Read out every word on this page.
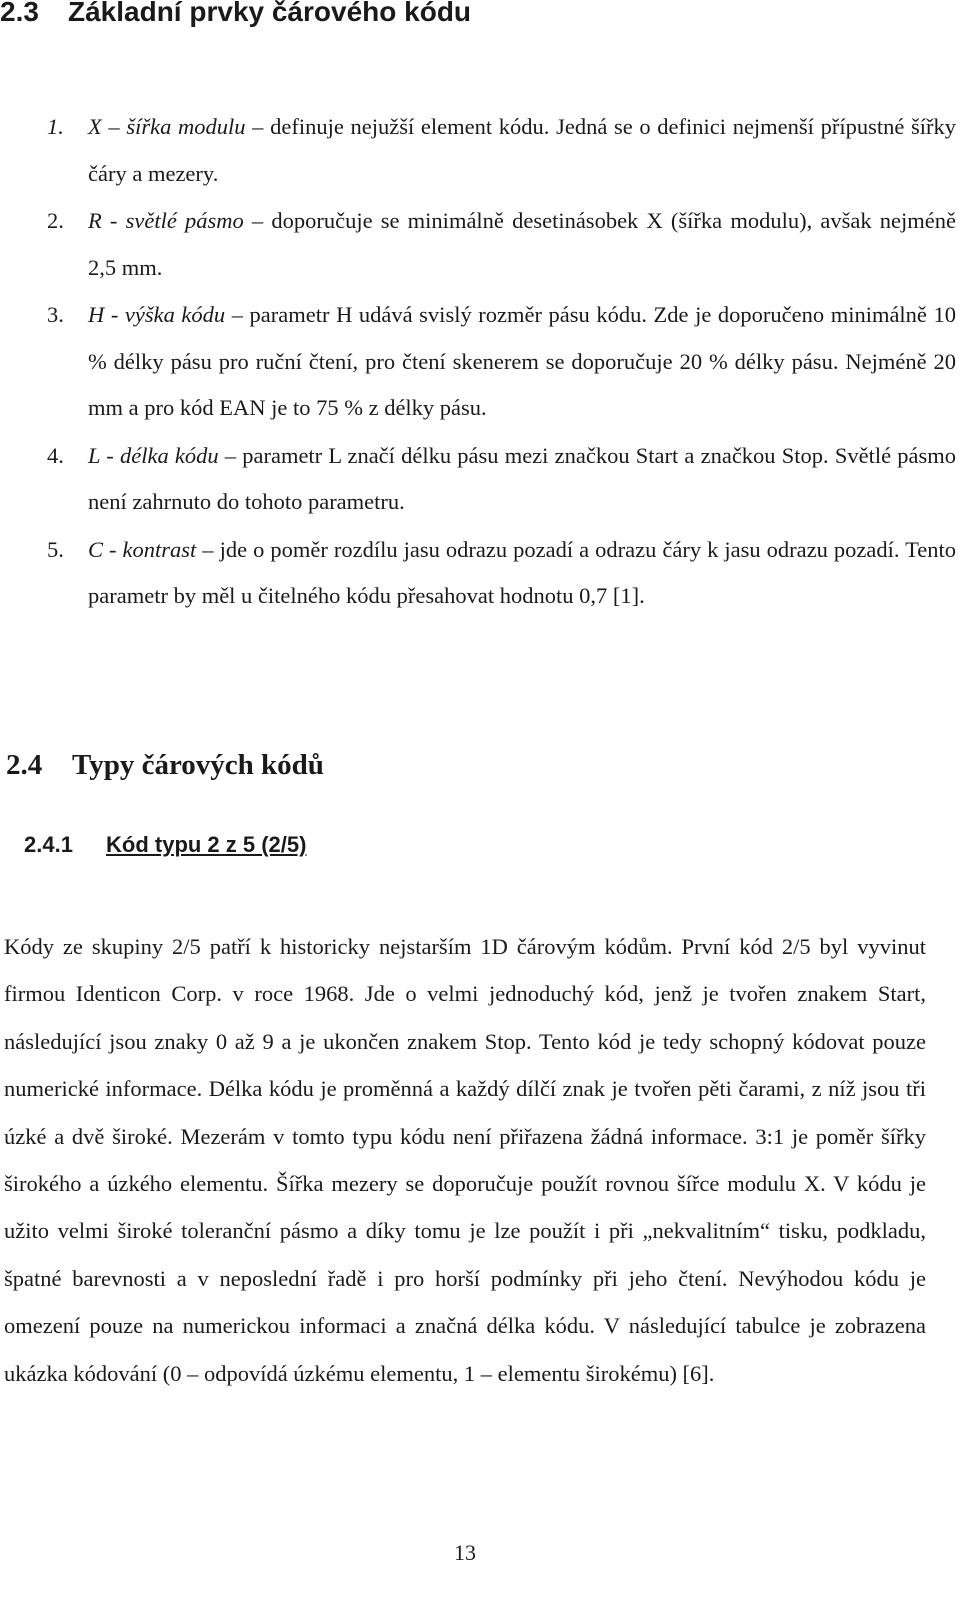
2.3 Základní prvky čárového kódu
1. X – šířka modulu – definuje nejužší element kódu. Jedná se o definici nejmenší přípustné šířky čáry a mezery.
2. R - světlé pásmo – doporučuje se minimálně desetinásobek X (šířka modulu), avšak nejméně 2,5 mm.
3. H - výška kódu – parametr H udává svislý rozměr pásu kódu. Zde je doporučeno minimálně 10 % délky pásu pro ruční čtení, pro čtení skenerem se doporučuje 20 % délky pásu. Nejméně 20 mm a pro kód EAN je to 75 % z délky pásu.
4. L - délka kódu – parametr L značí délku pásu mezi značkou Start a značkou Stop. Světlé pásmo není zahrnuto do tohoto parametru.
5. C - kontrast – jde o poměr rozdílu jasu odrazu pozadí a odrazu čáry k jasu odrazu pozadí. Tento parametr by měl u čitelného kódu přesahovat hodnotu 0,7 [1].
2.4 Typy čárových kódů
2.4.1 Kód typu 2 z 5 (2/5)

Kódy ze skupiny 2/5 patří k historicky nejstarším 1D čárovým kódům. První kód 2/5 byl vyvinut firmou Identicon Corp. v roce 1968. Jde o velmi jednoduchý kód, jenž je tvořen znakem Start, následující jsou znaky 0 až 9 a je ukončen znakem Stop. Tento kód je tedy schopný kódovat pouze numerické informace. Délka kódu je proměnná a každý dílčí znak je tvořen pěti čarami, z níž jsou tři úzké a dvě široké. Mezerám v tomto typu kódu není přiřazena žádná informace. 3:1 je poměr šířky širokého a úzkého elementu. Šířka mezery se doporučuje použít rovnou šířce modulu X. V kódu je užito velmi široké toleranční pásmo a díky tomu je lze použít i při „nekvalitním“ tisku, podkladu, špatné barevnosti a v neposlední řadě i pro horší podmínky při jeho čtení. Nevýhodou kódu je omezení pouze na numerickou informaci a značná délka kódu. V následující tabulce je zobrazena ukázka kódování (0 – odpovídá úzkému elementu, 1 – elementu širokému) [6].

13
